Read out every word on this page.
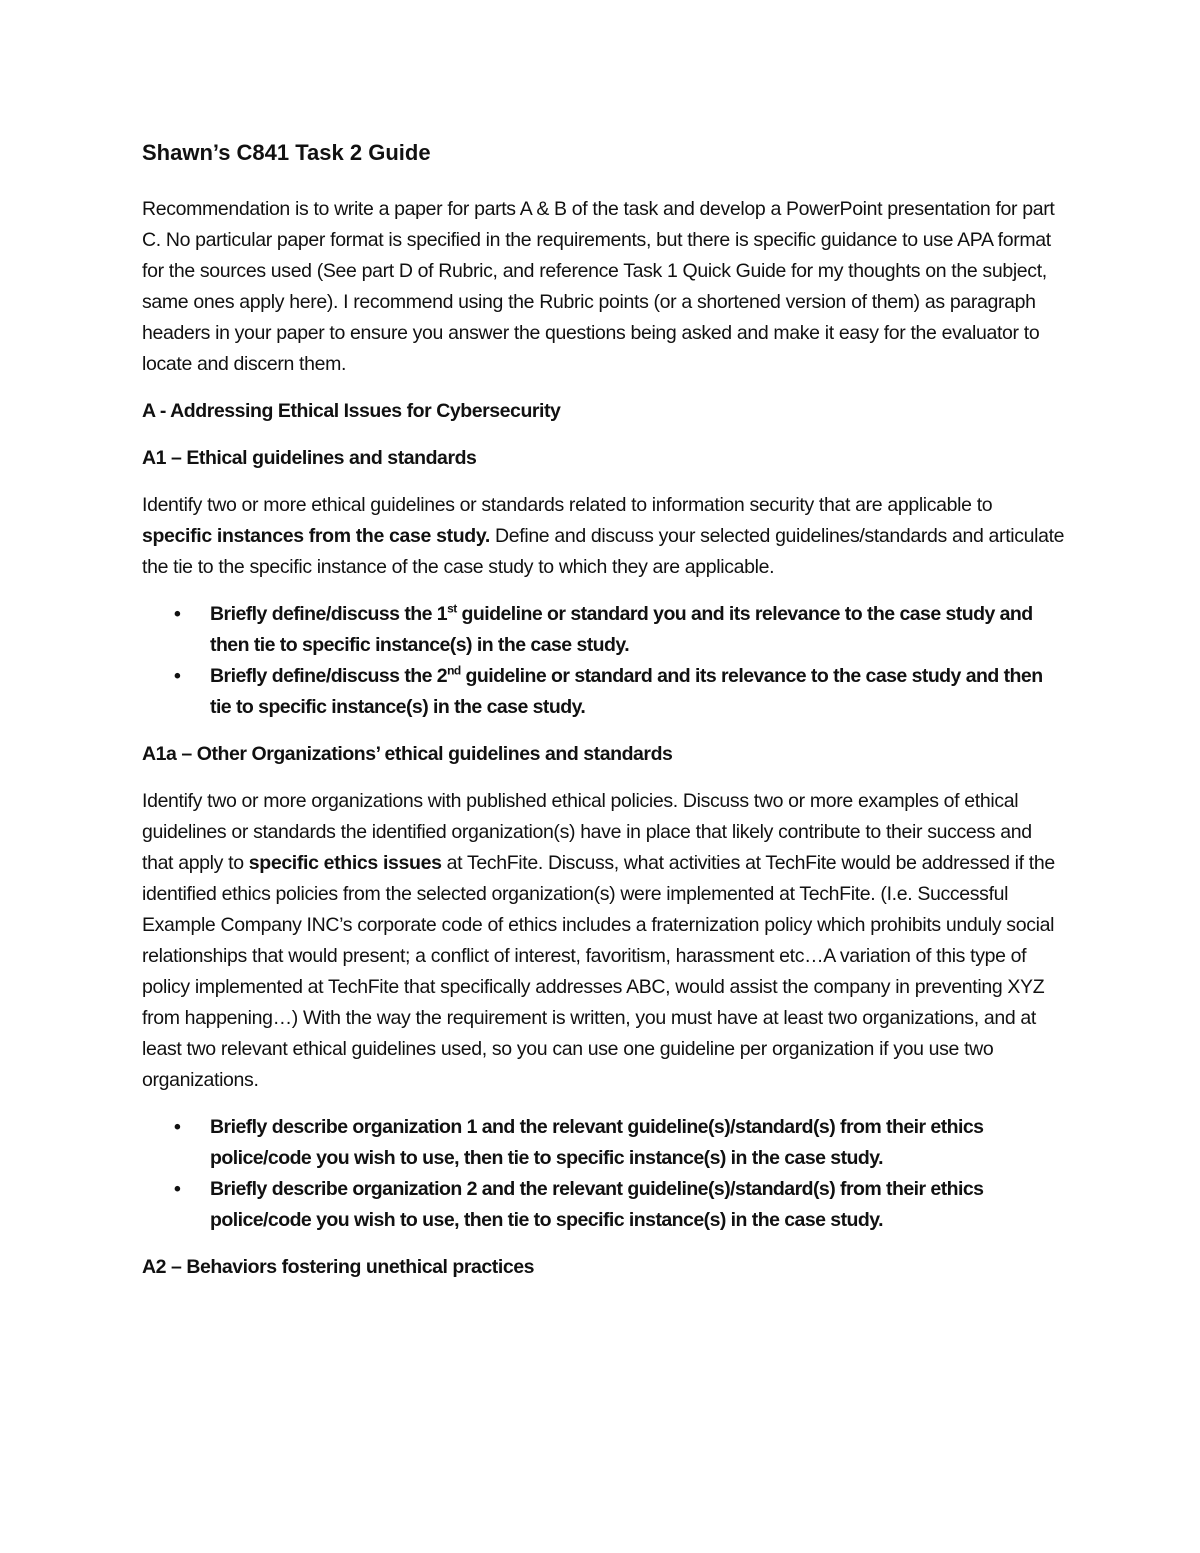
Shawn’s C841 Task 2 Guide

Recommendation is to write a paper for parts A & B of the task and develop a PowerPoint presentation for part C. No particular paper format is specified in the requirements, but there is specific guidance to use APA format for the sources used (See part D of Rubric, and reference Task 1 Quick Guide for my thoughts on the subject, same ones apply here). I recommend using the Rubric points (or a shortened version of them) as paragraph headers in your paper to ensure you answer the questions being asked and make it easy for the evaluator to locate and discern them.

A - Addressing Ethical Issues for Cybersecurity
A1 – Ethical guidelines and standards

Identify two or more ethical guidelines or standards related to information security that are applicable to specific instances from the case study. Define and discuss your selected guidelines/standards and articulate the tie to the specific instance of the case study to which they are applicable.

• Briefly define/discuss the 1st guideline or standard you and its relevance to the case study and then tie to specific instance(s) in the case study.
• Briefly define/discuss the 2nd guideline or standard and its relevance to the case study and then tie to specific instance(s) in the case study.
A1a – Other Organizations’ ethical guidelines and standards

Identify two or more organizations with published ethical policies. Discuss two or more examples of ethical guidelines or standards the identified organization(s) have in place that likely contribute to their success and that apply to specific ethics issues at TechFite. Discuss, what activities at TechFite would be addressed if the identified ethics policies from the selected organization(s) were implemented at TechFite. (I.e. Successful Example Company INC’s corporate code of ethics includes a fraternization policy which prohibits unduly social relationships that would present; a conflict of interest, favoritism, harassment etc…A variation of this type of policy implemented at TechFite that specifically addresses ABC, would assist the company in preventing XYZ from happening…) With the way the requirement is written, you must have at least two organizations, and at least two relevant ethical guidelines used, so you can use one guideline per organization if you use two organizations.

• Briefly describe organization 1 and the relevant guideline(s)/standard(s) from their ethics police/code you wish to use, then tie to specific instance(s) in the case study.
• Briefly describe organization 2 and the relevant guideline(s)/standard(s) from their ethics police/code you wish to use, then tie to specific instance(s) in the case study.
A2 – Behaviors fostering unethical practices
